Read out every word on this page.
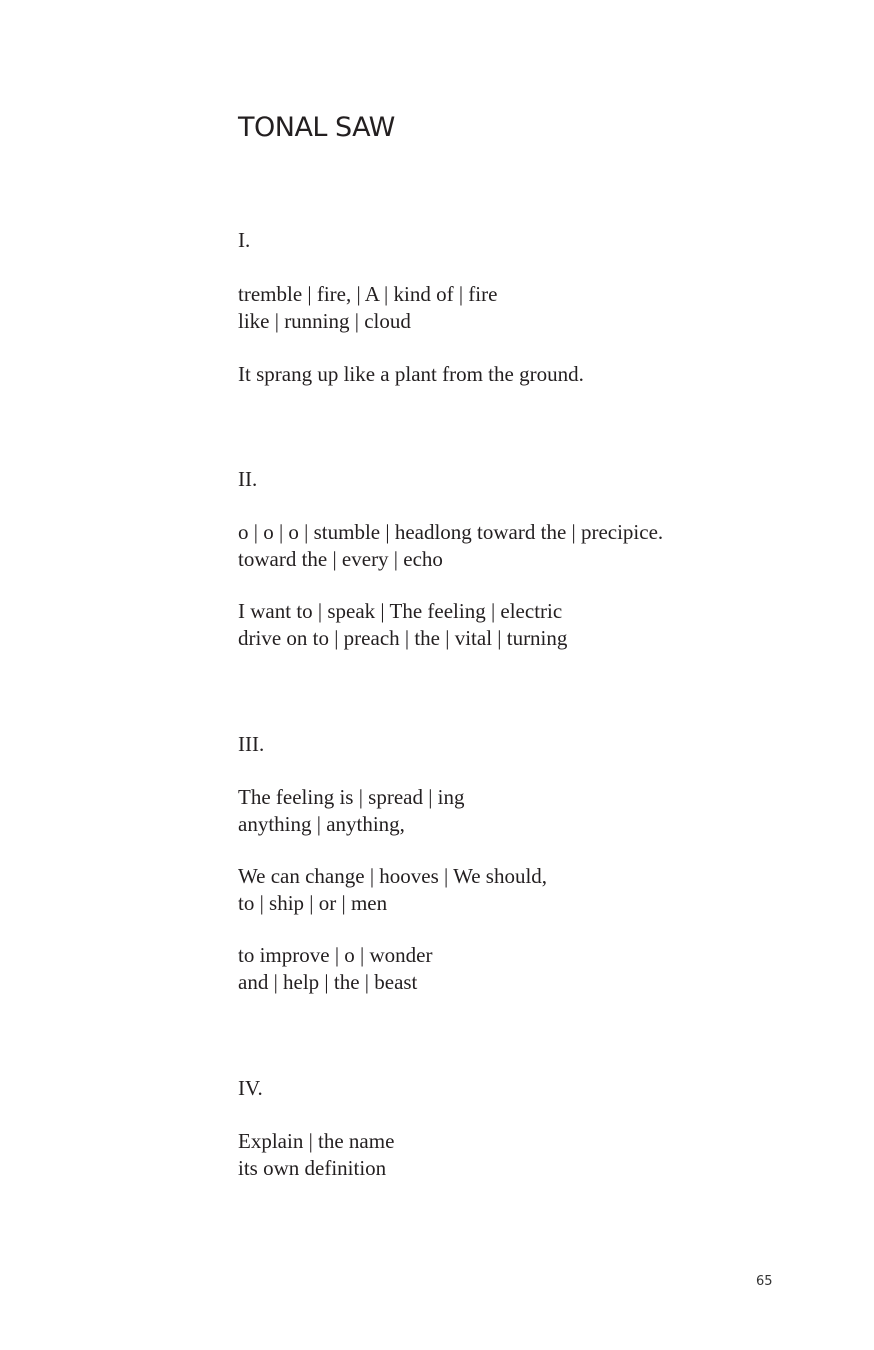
TONAL SAW

I.

tremble | fire, | A | kind of | fire
like | running | cloud

It sprang up like a plant from the ground.

II.

o | o | o | stumble | headlong toward the | precipice.
toward the | every | echo

I want to | speak | The feeling | electric
drive on to | preach | the | vital | turning

III.

The feeling is | spread | ing
anything | anything,

We can change | hooves | We should,
to | ship | or | men

to improve | o | wonder
and | help | the | beast

IV.

Explain | the name
its own definition

65
